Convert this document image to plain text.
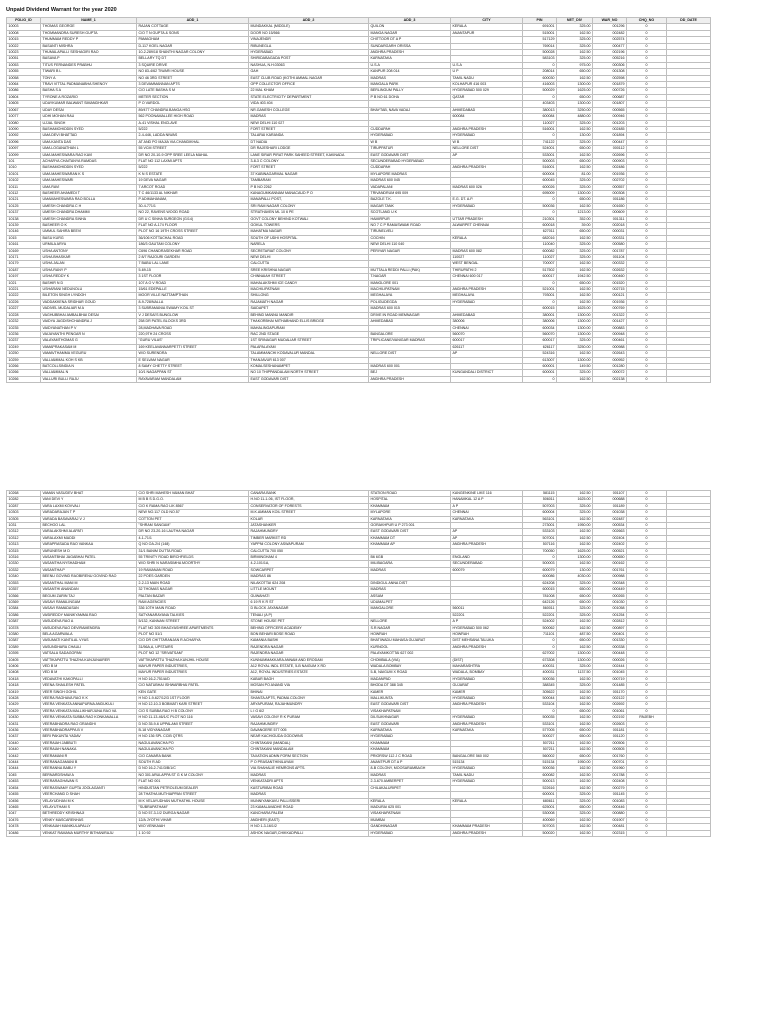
Unpaid Dividend Warrant for the year 2020
FOLIO_ID	NAME_1	ADD_1	ADD_2	ADD_3	CITY	PIN	NET_DIV	WAR_NO	CHQ_NO	DD_DATE
10003	THOMAS GEORGE	RAJAN COTTAGE	MUNDAKKAL (MIDDLE)	QUILON	KERALA	691001	325.00	001296	0	
10008	THOMMANDRA SURESH GUPTA	C/O T N GUPTA & SONS	DOOR NO 15/566	MANGA NAGAR	ANANTAPUR	515001	162.50	002482	0	
10015	THUMMAM REDDY P	PAMAGHAM	VINAJENDR	CHITTOOR DT A P		517129	325.00	002574	0	
10022	BASANTI MISHRA	D-117 KOEL NAGAR	RIBUNEGLA	SUNDARGARH ORISSA		769014	325.00	000477	0	
10023	THUMALAPALLI SESHAGIRI RAO	10-2-289/18 SHANTHI NAGAR COLONY	HYDERABAD	ANDHRA PRADESH		500028	162.50	002196	0	
10051	BASAVA P	BELLARY TQ DT	SHIRIDABAGADA POST	KARNATAKA		583103	325.00	005216	0	
10053	TITUS FERNANDES PRABHU	3 SQUIRE DRIVE	NASHUA, N.H.03063	U.S.A	U.S.A	0	975.00	000306	0	
10055	TIWARI B L	NO 83-4/62 TIWARI HOUSE	GAH	KANPUR 208 014	U P	208014	650.00	001308	0	
10058	TONY A	NO 46 3RD STREET	EAST CLUB ROAD (KOTHI AMMAL NAGAR	MADRAS	TAMIL NADU	600030	162.50	002598	0	
10064	TRAVI VITTAL PADMANABHA SHENOY	3 DEVAMMANNAN APTS	OPP COLLECTOR OFFICE	MANGALA PARK	KOLHAPUR 416 003	416003	1300.00	001879	0	
10086	BASHA S A	C/O LATE BASHA S M	22 MAL KHAM	BERLINGUM PALLY	HYDERABAD 500 029	500029	1625.00	000726	0	
10604	TYRONE A ROZARIO	METER SECTION	STATE ELECTRICITY DEPARTMENT	P B NO 61 DOHA	QATAR	0	650.00	000687	0	
10605	UDAYKUMAR BALWANT SIMANDHKAR	P O VARDOL	VIDA 403 404			403403	1300.00	001807	0	
10067	UDAY DESAI	89/477 CHANDRA BANGA HSG	NR.GANESH COLLEGE	BHAYTAB, NAVA VADAJ	AHMEDABAD	380013	3250.00	000565	0	
10077	UDHI MOHAN RAU	562 POONAMALLEE HIGH ROAD	MADRAS		600084	600084	4880.00	000946	0	
10080	UJJAL SINGH	A-41 VISHAL ENCLAVE	NEW DELHI 110 027			110027	325.00	001203	0	
10090	BASHAMOHIDDIN SYED	5/222	FORT STREET	CUDDAPAH	ANDHRA PRADESH	516001	162.50	002485	0	
10092	UMA DEVI BHATTAD	2-4-446, LADDA NIWAS	TALARAI KARANDA	HYDERABAD	HYDERABAD	0	130.00	001894	0	
10096	UMA KANTA DAS	AT AND PO MAJIA VIA CHANDIKHAL	DT NADIA	W B	W B	741122	325.00	000447	0	
10097	UMA LOGANATHAN L	55 VCM STREET	DR RAJESHARI LODGE	TIRUPPATUR	NELLORE DIST	524001	650.00	000112	0	
10099	UMA MAHESWARA RAO KAVI	DR NO 20-10-9 OPP SREE LEELA MAHAL	LANE SIRAR PIRAT PARK SAHEED STREET, KAKINADA	EAST GODAVARI DIST	AP	533001	162.50	002696	0	
101	ACHARYA CHAITANYA RAMDAS	FLAT NO 112 LAXMI APTS	3-8-3 C COLONY	SECUNDERABAD HYDERABAD		500003	650.00	000903	0	
1010	BASHAMOHIDDIN SYED	5/222	FORT STREET	CUDDAPAH	ANDHRA PRADESH	516001	162.50	002486	0	
10101	UMA MAHESWARAN K S	K N S ESTATE	37 KABINAGARMAL NAGAR	MYLAPORE MADRAS		600004	81.00	001936	0	
10102	UMA MAHESWARI	19 DEVA NAGAR	TAMBARAM	MADRAS 600 045		600045	325.00	002702	0	
10111	UMA RAVI	7 ARCOT ROAD	P B NO 2262	VADAPALANI	MADRAS 600 026	600026	325.00	000557	0	
10112	BASHEER AHAMEDI T	T C 46/1133 AL NIKHAR	KANAGUMKANNAM MANACAUD P O	TRIVANDRUM 695 009		695009	1300.00	000308	0	
10121	UMAMAHESWARA RAO BOLLA	P ADIMAHANAM,	MANAPALLI POST,	BAZOLE T.K.	E.G. DT. A.P.	0	650.00	001186	0	
10125	UMESH CHANDRA C H	30-4-771/1	SRI RAM NAGAR COLONY	MAGAR TANK	HYDERABAD	500036	162.50	001650	0	
10137	UMESH CHANDRA DHAMMI	NO 22, RAVENS WOOD ROAD	STRATHAVEN ML 10 6 PE	SCOTLAND U K		0	1213.00	000609	0	
10138	UMESH CHANDRA SINHA	DR U C SINHA SURGEON (G/14)	GOVT COLONY BEHIND KOTWALI	HAMIRPUR	UTTAR PRADESH	210301	352.00	001311	0	
10139	BASHEER O K	FLAT NO A-174 FLOOR	GOKUL TOWERS	NO 7 C P RAMASWAMI ROAD	ALWARPET CHENNAI	600018	39.00	002018	0	
10146	UMMUL SAHIRA BEEVI	PLOT NO 16 19TH CROSS STREET	MAHATMA NAGAR	TIRUNELVELI		627011	650.00	000031	0	
1015	BASU KURG	36/106 KOTTACHAL ROAD	SOUTH OF UDHI HOSPITAL	COCHIN	KERALA	682016	162.50	000331	0	
10161	URMILA ARYA	186/3 GAUTAM COLONY	NARELA	NEW DELHI 110 040		110040	325.00	000580	0	
10169	USHA ANTONY	C696 CHANDRASEKHAR ROAD	SECRETARIAT COLONY	PERIYAR NAGAR	MADRAS 600 082	600082	325.00	001787	0	
10171	USHA BHASKAR	2 8/7 RAJOURI GARDEN	NEW DELHI		110027	110027	325.00	001104	0	
10179	USHA JALAN	7 BABU LAL LANE	CALCUTTA		WEST BENGAL	700007	162.50	000332	0	
10187	USHA RANY P	5-69-15	SREE KRISHNA NAGAR	MUTTALA REDDI PALLI (PAK)	THIRUPATHI 2	517502	162.50	002632	0	
10197	USHA REDDY K	3 1ST FLOOR	CHINNAIAH STREET	T.NAGAR	CHENNAI 600 017	600017	1942.50	000460	0	
1021	BASHIR N D	107 A O V ROAD	MAHALAKSHMI ICE CANDY	MANGLORE 001		0	650.00	001520	0	
10221	USHARANI NEDUNOLU	15/61 EDEPALLE	MACHILIPATNAM	MACHILIPATNAM	ANDHRA PRADESH	521001	162.50	002715	0	
10222	BILETON SINGH LYNDOH	MOOR VILLE NATTAMPTHAN	SHILLONG	MEGHALAYA	MEGHALAYA	793001	162.50	000121	0	
10226	VADDAKKENA SRIDHAR GOUD	8-9-728/NALLA	RAJAMATH NAGAR	POLIGUDEGDA	HYDERABAD	0	162.50	001936	0	
10227	VADIVEL MUDALIAR M A	3 SUBRAMANIA SWAMY KOIL ST	SAIDAPET	MADRAS 600 015		600015	1625.00	000769	0	
10228	VAGHUBBHAI AMBALBHAI DESAI	V J DESAI'S BUNGLOW	BEHIND MANNU MANDIR	DRIVE IN ROAD MEMNAGAR	AHMEDABAD	380001	1300.00	001322	0	
10232	VAIDYA JAGDISHCHANDRA J	258 DR PATEL BLOCKS 3RD	THAKORBHAI MITHABHAND ELLIS BRIDGE	AHMEDABAD	380006	380006	1300.00	001427	0	
10235	VAIDYANATHAN P V	28,MADHAVA ROAD	MAHALINGAPURAM		CHENNAI	600034	1300.00	000883	0	
10236	VAIJAYANTHI PENGAR N	220,9TH 24 CROSS	RAC 2ND STAGE	BANGALORE	560070	560070	1300.00	000948	0	
10237	VALAYAMTHOMAS G	"GURU VILAS"	1ST SRINAGAR MUDALIAR STREET	TRIPLICANE/VANIGAR MADRAS	600017	600017	325.00	000461	0	
10249	VAMAPRAKASAM M	169 KEELAVANNARPETTI STREET	PALAPALAYAM		626117	626117	3250.00	000988	0	
10250	VAMAVTHAMMA VEGURU	W/O SURENDRA	TALAMMANCHI KODAVALUR MANDAL	NELLORE DIST	AP	524316	162.50	002643	0	
10259	VALLIAMMAL KOH S KB	E SELVAM NAGAR	THANJAVUR 613 007			613007	1300.00	000952	0	
10266	BATCOLLSINDIA N	8 SAMY CHETTY STREET	KOMALSESHANAMPET	MADRAS 600 001		600001	149.50	001280	0	
10266	VALLIAMMAL N	10/1 NAGAPPAN ST	NO 10 THIPPANDALAM NORTH STREET	BEJ	KUNGANDALI DISTRICT	600001	325.00	000072	0	
10266	VALLURI BULLI RAJU	RAYAVARAM MANDALAM	EAST GODAVARI DIST	ANDHRA PRADESH		0	162.50	002138	0	
10268	VAMAN VASUDEV BHAT	C/O SHRI MAHESH VAMAN BHAT	CANARA BANK	STATION ROAD	KANGENKINE LIKE 116	581115	162.50	001107	0	
10282	VANI DEVI Y	M B B S D.G.O.	H.NO 11-1-06, IST FLOOR,	HOSPITAL	HANAMKAL 12 A P	506011	1625.00	000688	0	
10287	VARA LAXMI KOVVALI	C/O K RAMA RAO LIK 8567	CONSERVATOR OF FORESTS	KHAMMAM	A P	507003	325.00	001189	0	
10303	VARADARAJAN T P	NEW NO.117 OLD NO.57	M.K.AMMAN KOIL STREET	MYLAPORE	CHENNAI	600004	325.00	001038	0	
10305	VARADA BASAVARAJ V J	COTTON PET	KOLAR	KARNATAKA	KARNATAKA	563101	162.50	002487	0	
1031	BECHOO LAL	"SHRAM SANGAM"	JATASHANKER	GORAKHPUR U P 273 001		273001	1950.00	000534	0	
10312	VARALAKSHMI ALAPATI	DR NO 23-20-16 LAUTHA NAGAR	RAJAHMUNDRY	EAST GODAVARI DIST	AP	533103	162.50	002663	0	
10312	VARALAXMI MADDI	4-1-71/1	TIMBER MARKET RD	KHAMMAM DT	AP	507001	162.50	002404	0	
10313	VARAPRASADA RAO VANKAA	Q NO OA-2/4 (148)	YAPPNI COLONY ASWAPURAM	KHAMMAM AP	ANDHRA PRADESH	507116	162.50	002402	0	
10315	VARUNESH M D	31/1 BANIM DUTTA ROAD	CALCUTTA 700 050			700050	1625.00	000521	0	
10316	VASANTBHAI JAGABHAI PATEL	55 TRINITY ROAD BIRCHFIELDS	BIRMINGHAM 4	B6 6GB	ENGLAND	0	1300.00	000650	0	
10330	VASANTHA NYSHADHAM	W/O SHRI N NARASIMHA MOORTHY	4-2-101/1A,	IMLIBAGARA	SECUNDERABAD	500003	162.50	000162	0	
10332	VASANTHA P	19 RAMANAN ROAD	SOWCARPET	MADRAS	600079	600079	130.00	001761	0	
10340	BEENU GOVIND RAOBIRENU GOVIND RAO	22 POES GARDEN	MADRAS 86			600086	4030.00	000988	0	
10353	VASANTHAL MANI M	2-2-13 MAIN ROAD	NILAKOTTAI 624 208	DINDIGUL ANNA DIST		624208	325.00	000348	0	
10357	VASANTHI ANANDAN	32 THOMAS NAGAR	LITTLE MOUNT	MADRAS		600015	650.00	000449	0	
10366	BEGUM ZARIN TAJ	PALTAN BAZAR	GUWAHATI	ASSAM		781008	650.00	000265	0	
10369	VASAVI RAMALINGAM	RAM AGENCIES	6 19 R K R ST	UDUMALPET		642126	650.00	001030	0	
10384	VASAVI RAMADASAN	336 10TH MAIN ROAD	D BLOCK JAYANAGAR	MANGALORE	560011	560011	325.00	001058	0	
10386	VASIREDDY MANIKYAMMA RAO	SATYANARAYANA TALKIES	TENALI (A P)		522201	522201	325.00	001254	0	
10387	VASUDEVA RAO A	5/132, KANNAN STREET	STONE HOUSE PET	NELLORE	A P	524002	162.50	002812	0	
10378	VASUDEVA RAO DEVIRAMENDRA	FLAT NO 305 BHAGYASHREE APARTMENTS	BEHIND OFFICERS ACADEMY	S.R.NAGAR	HYDERABAD 500 062	500062	162.50	000897	0	
10380	BELA AGARWALA	PLOT NO 51/1	BON BEHARI BOSE ROAD	HOWRAH	HOWRAH	711101	487.50	000401	0	
10387	VASUMATI KANTILAL VYAS	C/O DR CHITTARANJAN R ACHARYA	KAMANIA BASHI	BHATIWADU MAHASA GUJARAT	DIST MEHSANA TALUKA	0	650.00	001330	0	
10389	VASUNDHARA CHAULI	31/56A,A, UPSTAIRS	RAJENDRA NAGAR	KURNOOL	ANDHRA PRADESH	0	162.50	000338	0	
10395	VATSALA SADAGOPAN	PLOT NO 12 "SRIVATSAM"	RAJENDRA NAGAR	PALAYAMKOTTAI 627 002		627002	1300.00	000448	0	
10405	VATTIKAPATTU THAZHA KUNJUNAIRER	VATTIKAPATTU THAZHA KUNJHIL HOUSE	KUNNUMMAKKARA ANNAM AND ERODAM	CHOMBALA (VIA)	(DIST)	673308	1300.00	000026	0	
10406	VED B M	MAYUR PAPER INDUSTRIES,	A12 ROYAL INDL ESTATE, 5-B NAIGUM X RD	WADALA BOMBAY	MAHARASHTRA	400031	325.00	002444	0	
10408	VED B M	MAYUR PAPER INDUSTRIES	A12, ROYAL INDUSTRIES ESTATE	5-B, NAIGUM X ROAD	WADALA, BOMBAY	400031	1137.50	001045	0	
10418	VEDAVATHI KAKOPALLI	H NO 16-2-751/A/D	KABAR BAGH	MADANPAD	HYDERABAD	500036	162.50	000719	0	
10418	VEENA SHAILESH PATEL	C/O NATUBHAI ISHWARBHAI PATEL	MOSAN PO ANAND VIA	BHODA DT 388 345	GUJARAT	388345	325.00	001485	0	
10419	VEER SINGH GOHIL	KEN GATE	BHINAI	KAMER	KAMER	305622	162.50	001170	0	
10428	VEERA RAGHAVA RAO K K	H NO 1-9-627/12/3 1ST FLOOR	SHANTA APTS, PADMA COLONY	MALLIKUNTA	HYDERABAD	500044	162.50	002122	0	
10429	VEERA VENKATA ANNAPURNA ANDUKULI	H NO 12-10-3 BOBMATI KARI STREET	ARYAPURAM, RAJAHMUNDRY	EAST GODAVARI DIST	ANDHRA PRADESH	533104	162.50	002692	0	
10429	VEERA VENKATA MALLIKHARJUNA RAO VA	C/O S SUBBA RAO H B COLONY	L I G 6/2	VISAKHAPATNAM		0	650.00	001061	0	
10430	VEERA VENKATA SUBBA RAO KONKANALLA	H NO 11-13-46/1/C PLOT NO 116	VASAVI COLONY R K PURAM	DILSUKHNAGAR	HYDERABAD	500035	162.50	002192	RNJEBH	
10431	VEERABHADRA RAO GRANDHI	D NO 35-9-6 UPPALAMI STREET	RAJAHMUNDRY	EAST GODAVARI	ANDHRA PRADESH	533101	162.50	002603	0	
10436	VEERABHADRAPPA B V	B-18 VIDYANAGAR	DAVANGERE 577 005	KARNATAKA	KARNATAKA	577005	650.00	001181	0	
10437	BERI PAKUNTA YADAV	H NO 136 SPL CCIB QTRS	NEAR KACHIGUDA GODOWNS	HYDERABAD		500027	650.00	001120	0	
10440	VEERAIAH JABBUTI	NAGULAVANCHA PO	CHINTAKANI (MANDAL)	KHAMMAM		507211	162.50	000506	0	
10440	VEERAIAH NANAKA	NAGULAVANCHA PO	CHINTAKANI MANDALAM	KHAMMAM		507211	162.50	000505	0	
10442	VEERAMANI R	C/O CANARA BANK	TAXATION ADMN FORM SECTION	PRIORSW 112 J C ROAD	BANGALORE 560 002	560002	650.00	001760	0	
10444	VEERANAGAMANI B	SOUTH R AD	P O PRASANTHINILAYAM	ANANTPUR DT A P	515134	515134	1950.00	000701	0	
10444	VEERANNA BABU Y	D NO 16-2-741/3/B/1/C	VIA SHAHALIE HEMRONS APTS.	8-B COLONY, MOOSARAMBAGH	HYDERABAD	500036	162.50	001960	0	
1045	BERNARDSHAW A	NO 301 ARULAPPA ST G K M COLONY	MADRAS	MADRAS	TAMIL NADU	600082	162.50	001788	0	
10453	VEERARAGHAVAN S	FLAT NO 001	VENKATADRI APTS	2-3-670 AMBERPET	HYDERABAD	500013	162.50	002408	0	
10454	VEERASWAMY GUPTA JOOLAGANTI	HINDUSTAN PETROLEUM DEALER	KASTURIBAI ROAD	CHILAKALURIPET		522616	162.50	000279	0	
10455	VEERCHAND D SHAH	28 THATHA MUTHIAPPAN STREET	MADRAS			600001	325.00	001145	0	
10456	VELAYUDHAN M K	M K VELAYUDHAN MUTHATHIL HOUSE	MUNNIYANKAVU PALLISSERI	KERALA	KERALA	680611	325.00	001083	0	
10465	VELAYUTHAM S	"SUBRAPATHAM"	23 KAMALAVADHE ROAD	MADURAI 625 001		625001	650.00	000446	0	
1047	BETHREDDY KRISHNAJI	D NO 57-3-1/2 DURGA NAGAR	KANCHARA PALEM	VISAKHAPATNAM		530008	325.00	000880	0	
10476	VENKY MASCARENHAS	12/A JYOTHI VIHAR	ANDHERI (EAST)	MUMBAI		400069	162.50	001907	0	
10478	VENKAIAH MANIKULAPALLY	W/O VENKAIAH	H NO 1-3-16/1/2	GANDHINAGAR	KHAMMAM PRADESH	507003	162.50	000481	0	
10486	VENKAT RAMANA MURTHY BITHANIRAJU	1 10 92	ASHOK NAGAR,CHIKKADPALLI	HYDERABAD	ANDHRA PRADESH	500020	162.50	002315	0	
